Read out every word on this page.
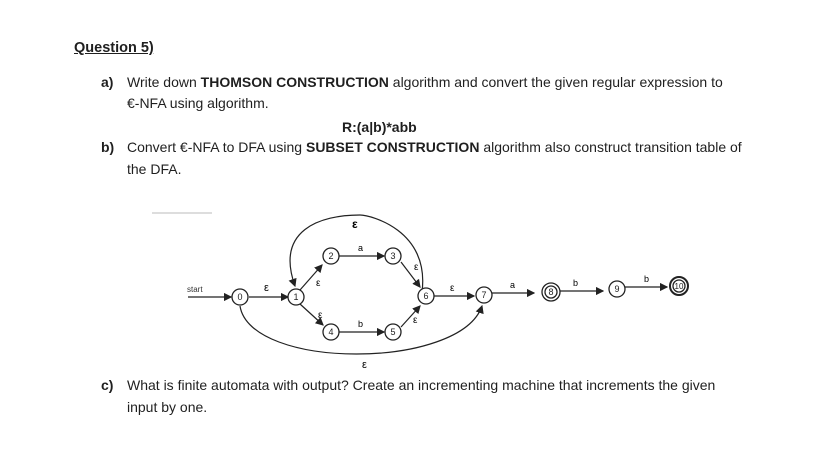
Question 5)
a) Write down THOMSON CONSTRUCTION algorithm and convert the given regular expression to
€-NFA using algorithm.
R:(a|b)*abb
b) Convert €-NFA to DFA using SUBSET CONSTRUCTION algorithm also construct transition table of
the DFA.
start	ε
ε
ε
ε
ε
a
b
ε
ε
ε	a	b	b
0	1
2	3
4	5
6	7	8	9	10
c) What is finite automata with output? Create an incrementing machine that increments the given
input by one.
